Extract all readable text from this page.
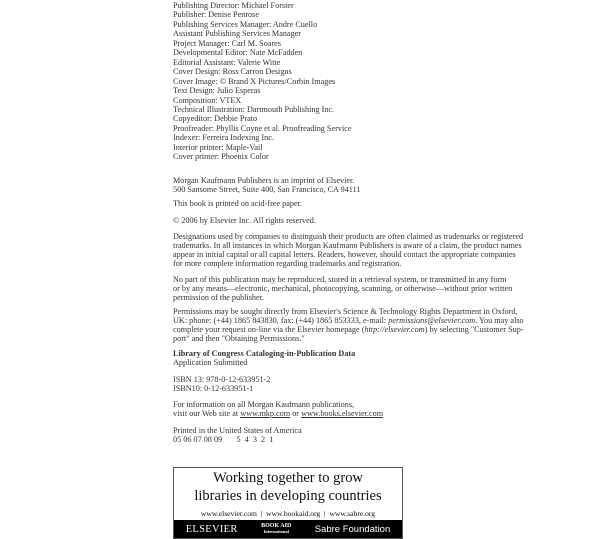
Publishing Director: Michael Forster
Publisher: Denise Penrose
Publishing Services Manager: Andre Cuello
Assistant Publishing Services Manager
Project Manager: Carl M. Soares
Developmental Editor: Nate McFadden
Editorial Assistant: Valerie Witte
Cover Design: Ross Carron Designs
Cover Image: © Brand X Pictures/Corbin Images
Text Design: Julio Esperas
Composition: VTEX
Technical Illustration: Dartmouth Publishing Inc.
Copyeditor: Debbie Prato
Proofreader: Phyllis Coyne et al. Proofreading Service
Indexer: Ferreira Indexing Inc.
Interior printer: Maple-Vail
Cover printer: Phoenix Color
Morgan Kaufmann Publishers is an imprint of Elsevier.
500 Sansome Street, Suite 400, San Francisco, CA 94111
This book is printed on acid-free paper.
© 2006 by Elsevier Inc. All rights reserved.
Designations used by companies to distinguish their products are often claimed as trademarks or registered
trademarks. In all instances in which Morgan Kaufmann Publishers is aware of a claim, the product names
appear in initial capital or all capital letters. Readers, however, should contact the appropriate companies
for more complete information regarding trademarks and registration.
No part of this publication may be reproduced, stored in a retrieval system, or transmitted in any form
or by any means—electronic, mechanical, photocopying, scanning, or otherwise—without prior written
permission of the publisher.
Permissions may be sought directly from Elsevier's Science & Technology Rights Department in Oxford,
UK: phone: (+44) 1865 843830, fax: (+44) 1865 853333, e-mail: permissions@elsevier.com. You may also
complete your request on-line via the Elsevier homepage (http://elsevier.com) by selecting "Customer Sup-
port" and then "Obtaining Permissions."
Library of Congress Cataloging-in-Publication Data
Application Submitted
ISBN 13: 978-0-12-633951-2
ISBN10: 0-12-633951-1
For information on all Morgan Kaufmann publications,
visit our Web site at www.mkp.com or www.books.elsevier.com
Printed in the United States of America
05 06 07 08 09       5  4  3  2  1
Working together to grow
libraries in developing countries
www.elsevier.com  |  www.bookaid.org  |  www.sabre.org
ELSEVIER	BOOK AID
International	Sabre Foundation
